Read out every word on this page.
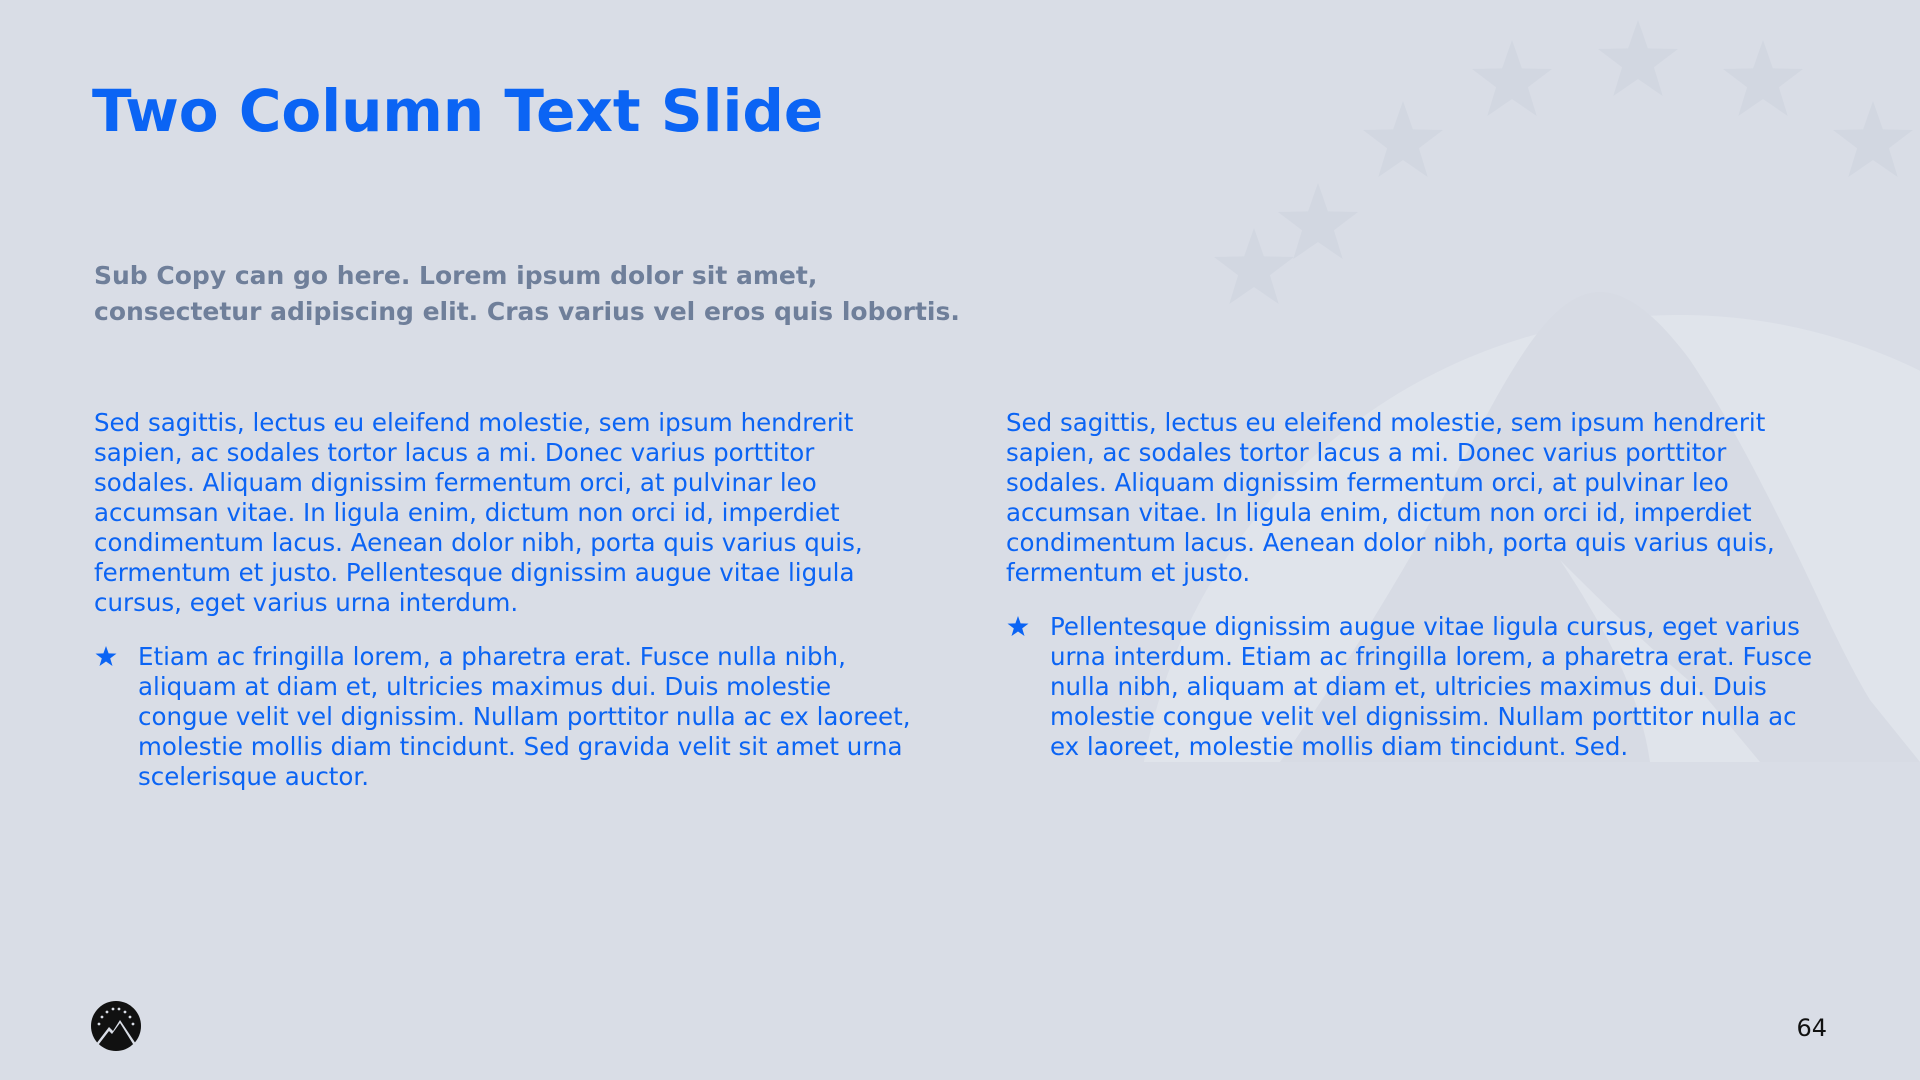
Two Column Text Slide

Sub Copy can go here. Lorem ipsum dolor sit amet, consectetur adipiscing elit. Cras varius vel eros quis lobortis.

Sed sagittis, lectus eu eleifend molestie, sem ipsum hendrerit sapien, ac sodales tortor lacus a mi. Donec varius porttitor sodales. Aliquam dignissim fermentum orci, at pulvinar leo accumsan vitae. In ligula enim, dictum non orci id, imperdiet condimentum lacus. Aenean dolor nibh, porta quis varius quis, fermentum et justo. Pellentesque dignissim augue vitae ligula cursus, eget varius urna interdum.

Etiam ac fringilla lorem, a pharetra erat. Fusce nulla nibh, aliquam at diam et, ultricies maximus dui. Duis molestie congue velit vel dignissim. Nullam porttitor nulla ac ex laoreet, molestie mollis diam tincidunt. Sed gravida velit sit amet urna scelerisque auctor.

Sed sagittis, lectus eu eleifend molestie, sem ipsum hendrerit sapien, ac sodales tortor lacus a mi. Donec varius porttitor sodales. Aliquam dignissim fermentum orci, at pulvinar leo accumsan vitae. In ligula enim, dictum non orci id, imperdiet condimentum lacus. Aenean dolor nibh, porta quis varius quis, fermentum et justo.

Pellentesque dignissim augue vitae ligula cursus, eget varius urna interdum. Etiam ac fringilla lorem, a pharetra erat. Fusce nulla nibh, aliquam at diam et, ultricies maximus dui. Duis molestie congue velit vel dignissim. Nullam porttitor nulla ac ex laoreet, molestie mollis diam tincidunt. Sed.
64
